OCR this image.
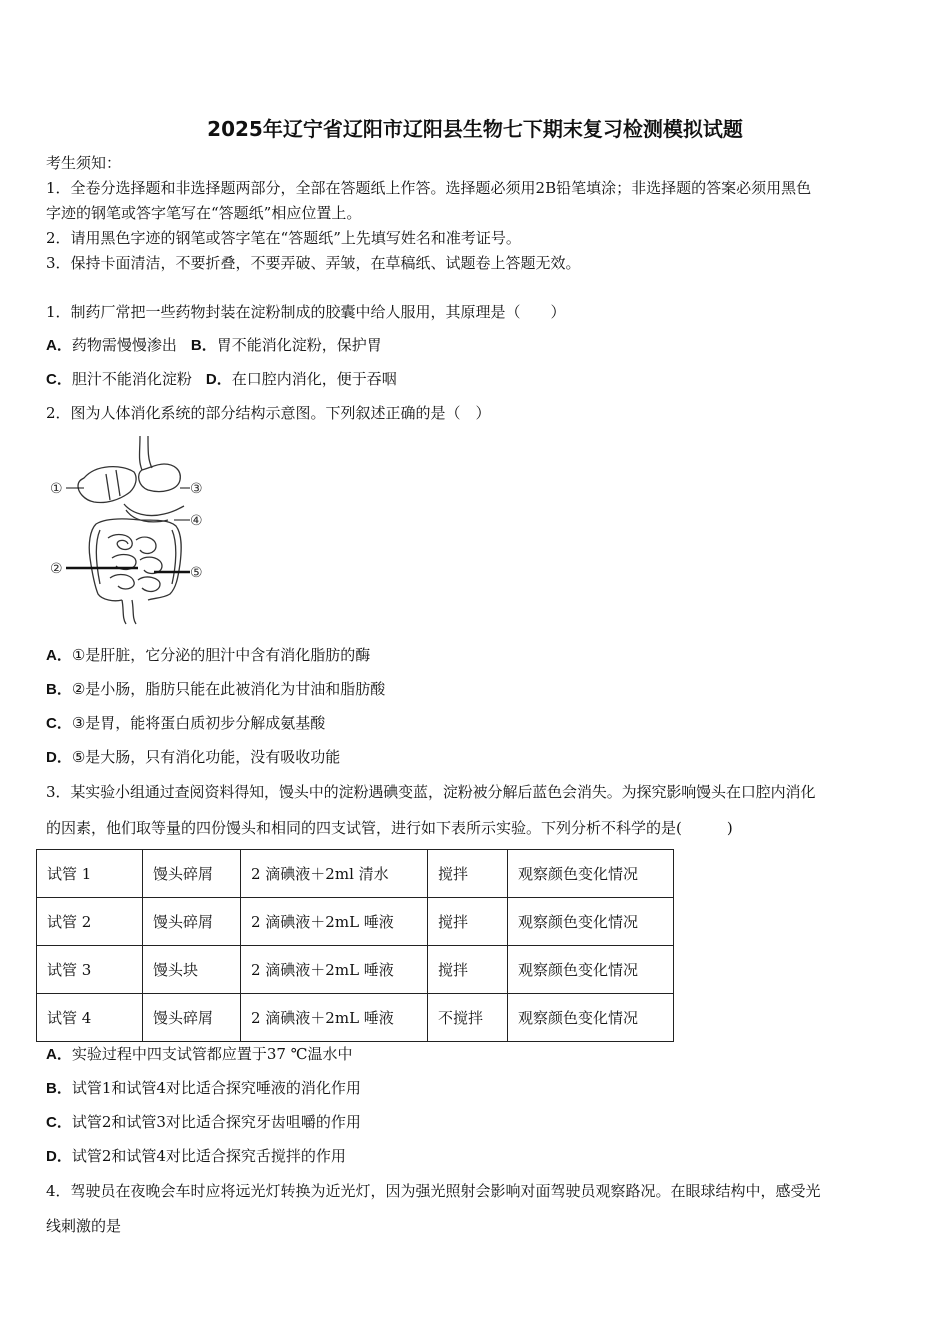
2025年辽宁省辽阳市辽阳县生物七下期末复习检测模拟试题
考生须知：
1．全卷分选择题和非选择题两部分，全部在答题纸上作答。选择题必须用2B铅笔填涂；非选择题的答案必须用黑色
字迹的钢笔或答字笔写在“答题纸”相应位置上。
2．请用黑色字迹的钢笔或答字笔在“答题纸”上先填写姓名和准考证号。
3．保持卡面清洁，不要折叠，不要弄破、弄皱，在草稿纸、试题卷上答题无效。
1．制药厂常把一些药物封装在淀粉制成的胶囊中给人服用，其原理是（　　）
A．药物需慢慢渗出 B．胃不能消化淀粉，保护胃
C．胆汁不能消化淀粉 D．在口腔内消化，便于吞咽
2．图为人体消化系统的部分结构示意图。下列叙述正确的是（　）
①
②
③
④
⑤
A．①是肝脏，它分泌的胆汁中含有消化脂肪的酶
B．②是小肠，脂肪只能在此被消化为甘油和脂肪酸
C．③是胃，能将蛋白质初步分解成氨基酸
D．⑤是大肠，只有消化功能，没有吸收功能
3．某实验小组通过查阅资料得知，馒头中的淀粉遇碘变蓝，淀粉被分解后蓝色会消失。为探究影响馒头在口腔内消化
的因素，他们取等量的四份馒头和相同的四支试管，进行如下表所示实验。下列分析不科学的是(　　　)
试管 1	馒头碎屑	2 滴碘液＋2ml 清水	搅拌	观察颜色变化情况
试管 2	馒头碎屑	2 滴碘液＋2mL 唾液	搅拌	观察颜色变化情况
试管 3	馒头块	2 滴碘液＋2mL 唾液	搅拌	观察颜色变化情况
试管 4	馒头碎屑	2 滴碘液＋2mL 唾液	不搅拌	观察颜色变化情况
A．实验过程中四支试管都应置于37 ℃温水中
B．试管1和试管4对比适合探究唾液的消化作用
C．试管2和试管3对比适合探究牙齿咀嚼的作用
D．试管2和试管4对比适合探究舌搅拌的作用
4．驾驶员在夜晚会车时应将远光灯转换为近光灯，因为强光照射会影响对面驾驶员观察路况。在眼球结构中，感受光
线刺激的是
